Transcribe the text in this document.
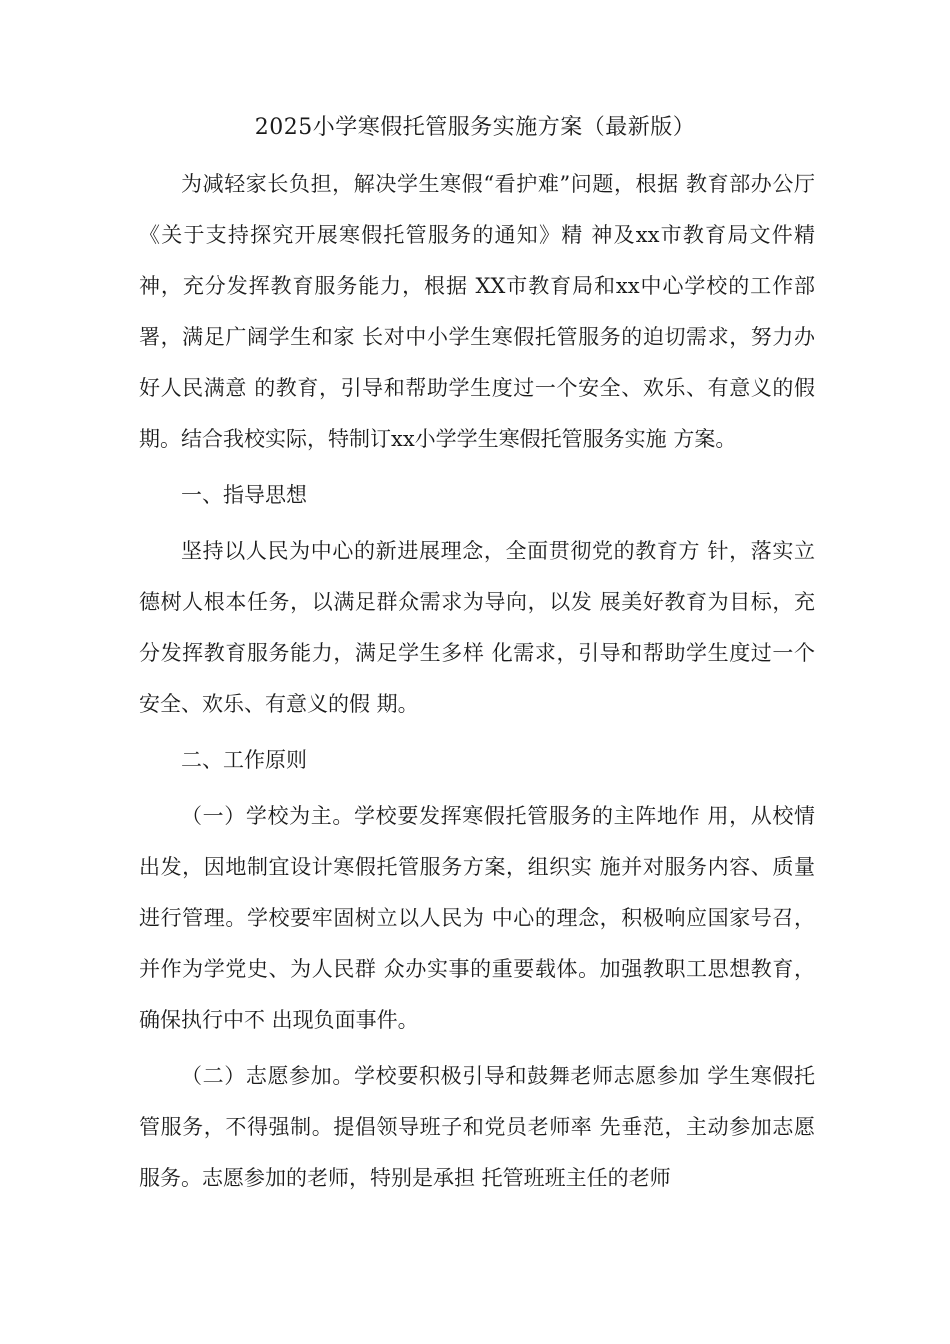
2025小学寒假托管服务实施方案（最新版）

为减轻家长负担，解决学生寒假“看护难”问题，根据 教育部办公厅《关于支持探究开展寒假托管服务的通知》精 神及xx市教育局文件精神，充分发挥教育服务能力，根据 XX市教育局和xx中心学校的工作部署，满足广阔学生和家 长对中小学生寒假托管服务的迫切需求，努力办好人民满意 的教育，引导和帮助学生度过一个安全、欢乐、有意义的假 期。结合我校实际，特制订xx小学学生寒假托管服务实施 方案。

一、指导思想

坚持以人民为中心的新进展理念，全面贯彻党的教育方 针，落实立德树人根本任务，以满足群众需求为导向，以发 展美好教育为目标，充分发挥教育服务能力，满足学生多样 化需求，引导和帮助学生度过一个安全、欢乐、有意义的假 期。

二、工作原则

（一）学校为主。学校要发挥寒假托管服务的主阵地作 用，从校情出发，因地制宜设计寒假托管服务方案，组织实 施并对服务内容、质量进行管理。学校要牢固树立以人民为 中心的理念，积极响应国家号召，并作为学党史、为人民群 众办实事的重要载体。加强教职工思想教育，确保执行中不 出现负面事件。

（二）志愿参加。学校要积极引导和鼓舞老师志愿参加 学生寒假托管服务，不得强制。提倡领导班子和党员老师率 先垂范，主动参加志愿服务。志愿参加的老师，特别是承担 托管班班主任的老师
